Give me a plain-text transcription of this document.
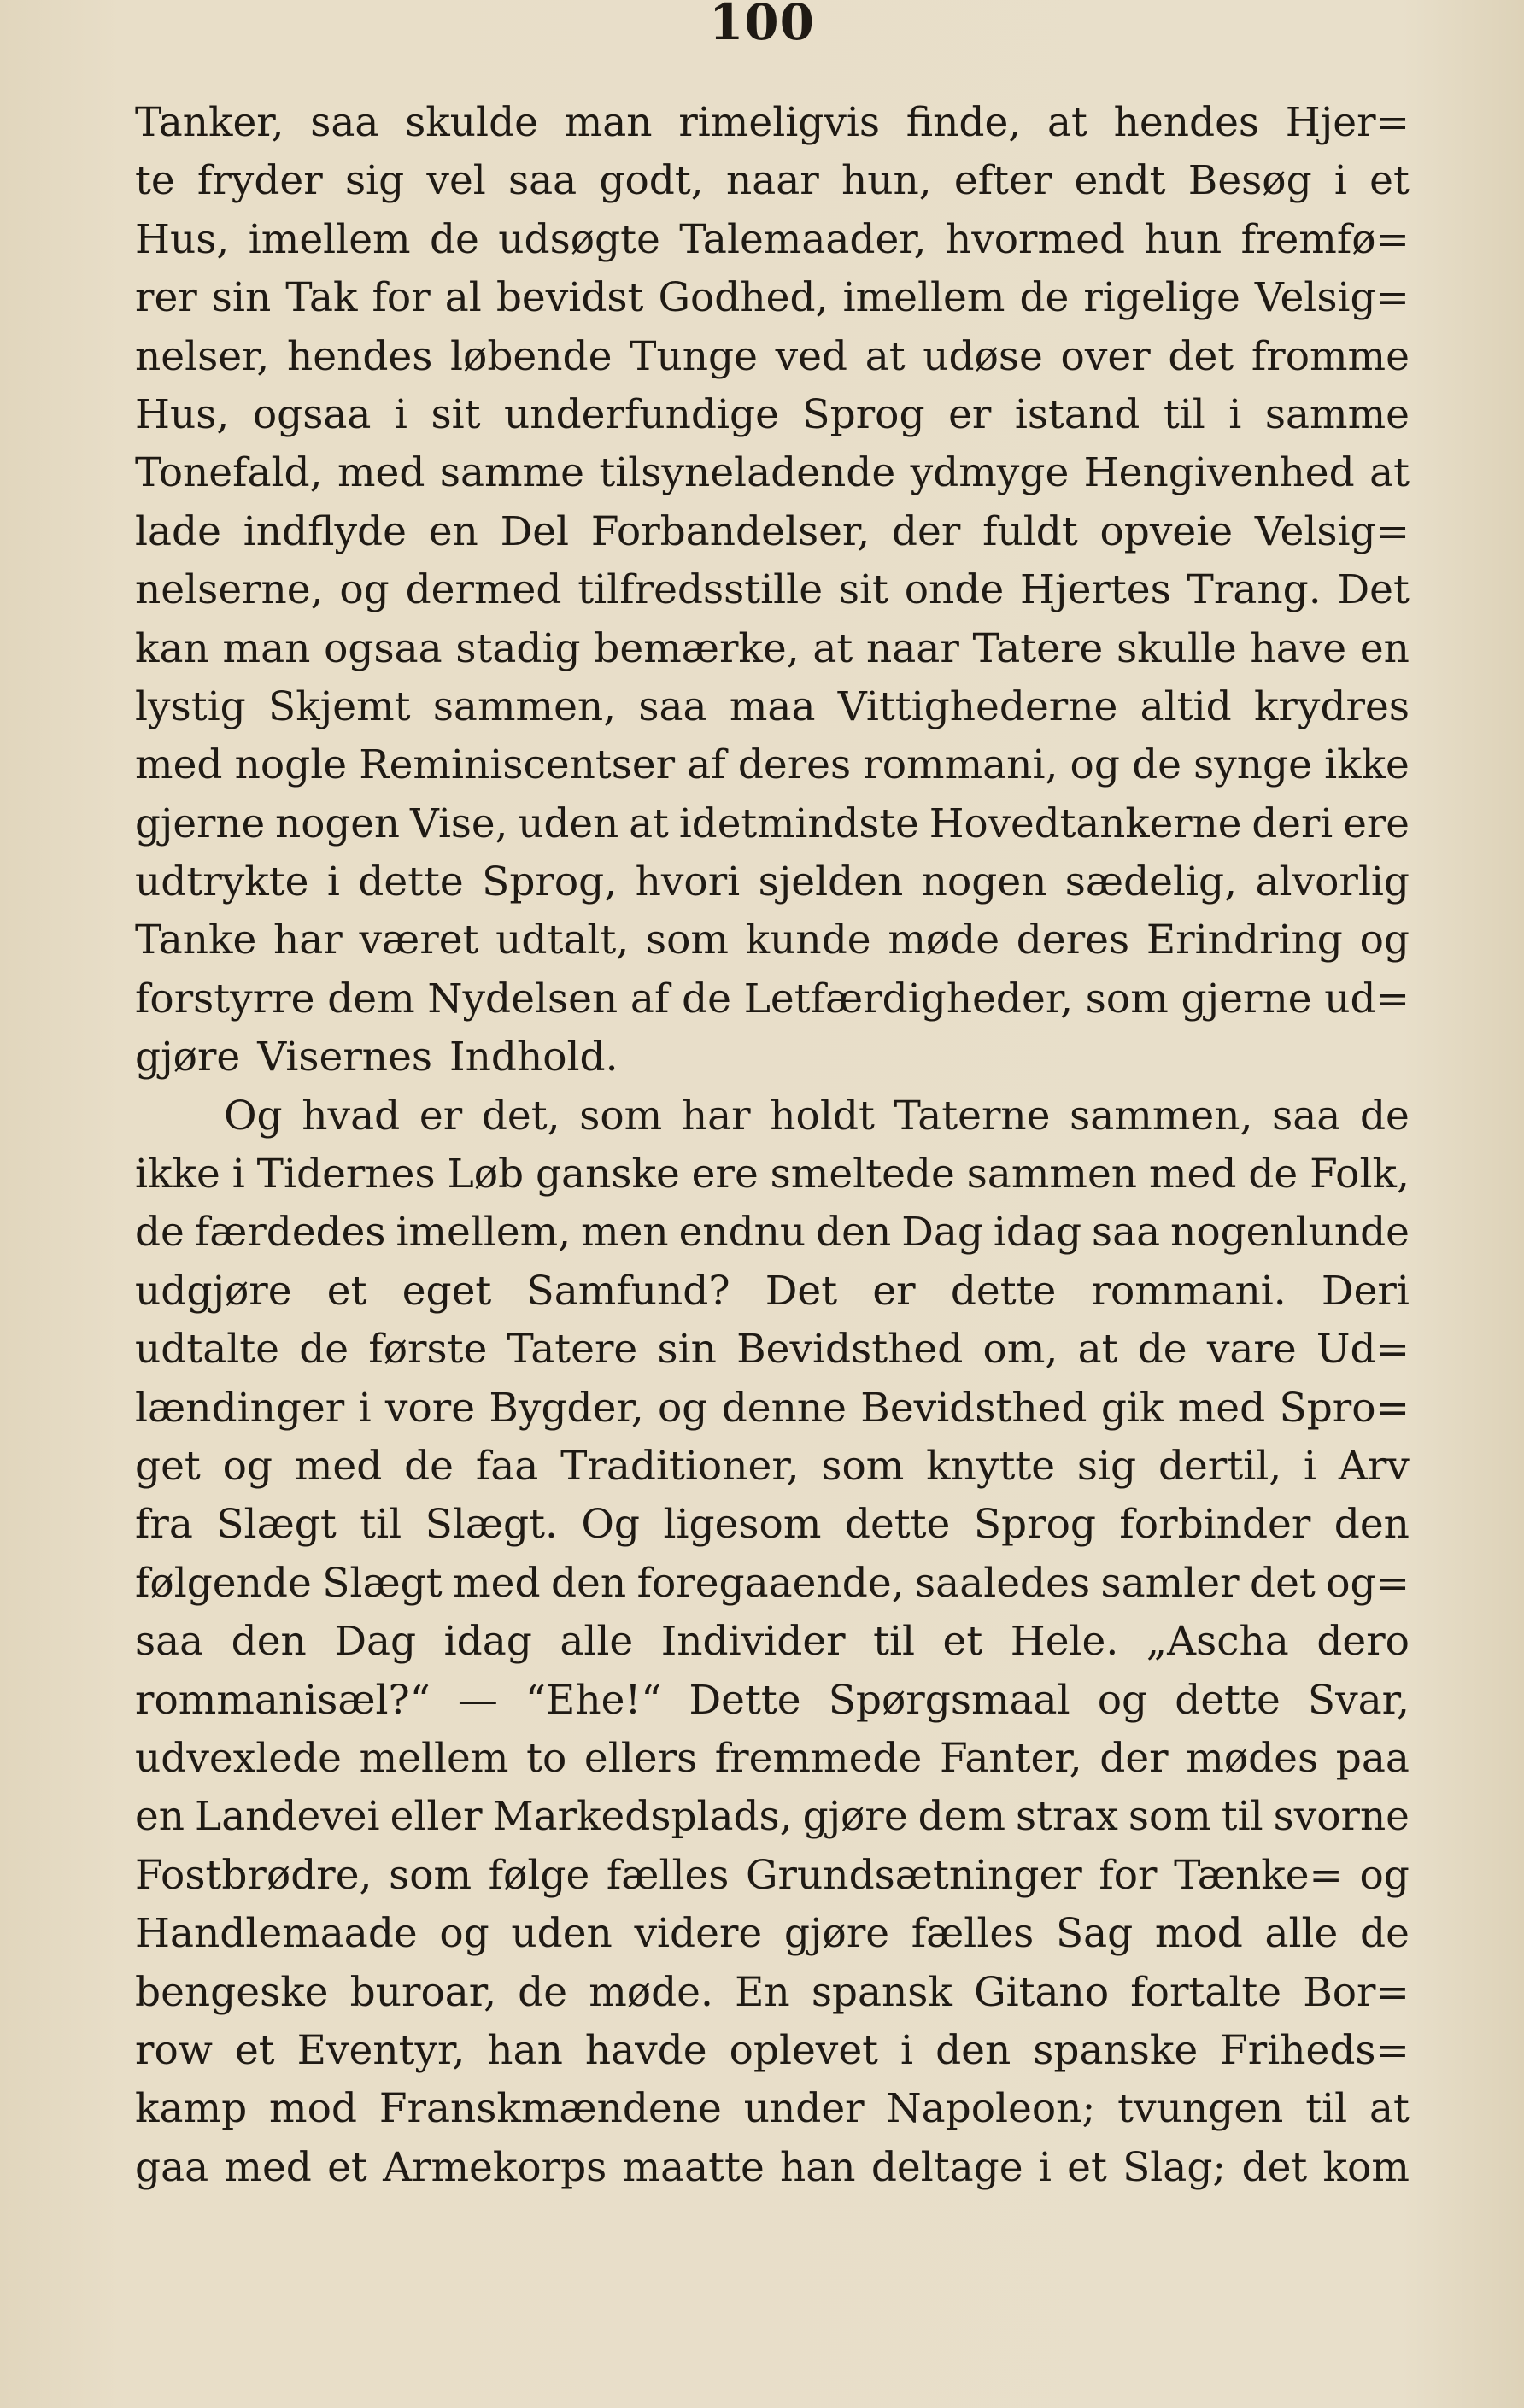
100
Tanker, saa skulde man rimeligvis finde, at hendes Hjer=
te fryder sig vel saa godt, naar hun, efter endt Besøg i et
Hus, imellem de udsøgte Talemaader, hvormed hun fremfø=
rer sin Tak for al bevidst Godhed, imellem de rigelige Velsig=
nelser, hendes løbende Tunge ved at udøse over det fromme
Hus, ogsaa i sit underfundige Sprog er istand til i samme
Tonefald, med samme tilsyneladende ydmyge Hengivenhed at
lade indflyde en Del Forbandelser, der fuldt opveie Velsig=
nelserne, og dermed tilfredsstille sit onde Hjertes Trang. Det
kan man ogsaa stadig bemærke, at naar Tatere skulle have en
lystig Skjemt sammen, saa maa Vittighederne altid krydres
med nogle Reminiscentser af deres rommani, og de synge ikke
gjerne nogen Vise, uden at idetmindste Hovedtankerne deri ere
udtrykte i dette Sprog, hvori sjelden nogen sædelig, alvorlig
Tanke har været udtalt, som kunde møde deres Erindring og
forstyrre dem Nydelsen af de Letfærdigheder, som gjerne ud=
gjøre Visernes Indhold.
Og hvad er det, som har holdt Taterne sammen, saa de
ikke i Tidernes Løb ganske ere smeltede sammen med de Folk,
de færdedes imellem, men endnu den Dag idag saa nogenlunde
udgjøre et eget Samfund? Det er dette rommani. Deri
udtalte de første Tatere sin Bevidsthed om, at de vare Ud=
lændinger i vore Bygder, og denne Bevidsthed gik med Spro=
get og med de faa Traditioner, som knytte sig dertil, i Arv
fra Slægt til Slægt. Og ligesom dette Sprog forbinder den
følgende Slægt med den foregaaende, saaledes samler det og=
saa den Dag idag alle Individer til et Hele. „Ascha dero
rommanisæl?“ — “Ehe!“ Dette Spørgsmaal og dette Svar,
udvexlede mellem to ellers fremmede Fanter, der mødes paa
en Landevei eller Markedsplads, gjøre dem strax som til svorne
Fostbrødre, som følge fælles Grundsætninger for Tænke= og
Handlemaade og uden videre gjøre fælles Sag mod alle de
bengeske buroar, de møde. En spansk Gitano fortalte Bor=
row et Eventyr, han havde oplevet i den spanske Friheds=
kamp mod Franskmændene under Napoleon; tvungen til at
gaa med et Armekorps maatte han deltage i et Slag; det kom
